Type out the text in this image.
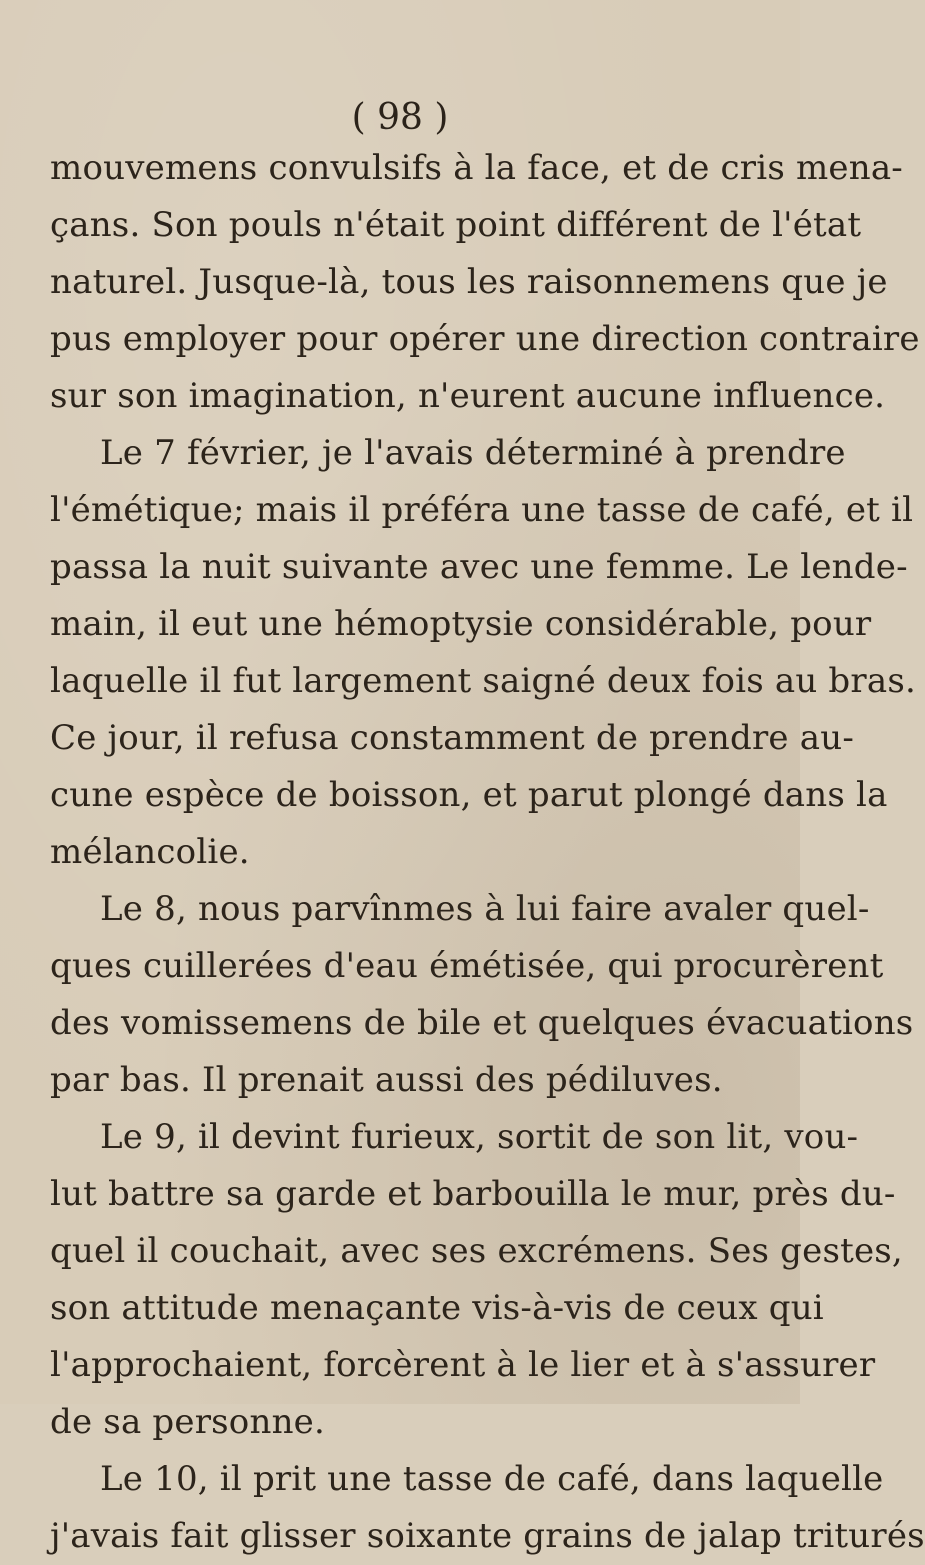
( 98 )
mouvemens convulsifs à la face, et de cris mena-
çans. Son pouls n'était point différent de l'état
naturel. Jusque-là, tous les raisonnemens que je
pus employer pour opérer une direction contraire
sur son imagination, n'eurent aucune influence.
Le 7 février, je l'avais déterminé à prendre
l'émétique; mais il préféra une tasse de café, et il
passa la nuit suivante avec une femme. Le lende-
main, il eut une hémoptysie considérable, pour
laquelle il fut largement saigné deux fois au bras.
Ce jour, il refusa constamment de prendre au-
cune espèce de boisson, et parut plongé dans la
mélancolie.
Le 8, nous parvînmes à lui faire avaler quel-
ques cuillerées d'eau émétisée, qui procurèrent
des vomissemens de bile et quelques évacuations
par bas. Il prenait aussi des pédiluves.
Le 9, il devint furieux, sortit de son lit, vou-
lut battre sa garde et barbouilla le mur, près du-
quel il couchait, avec ses excrémens. Ses gestes,
son attitude menaçante vis-à-vis de ceux qui
l'approchaient, forcèrent à le lier et à s'assurer
de sa personne.
Le 10, il prit une tasse de café, dans laquelle
j'avais fait glisser soixante grains de jalap triturés
